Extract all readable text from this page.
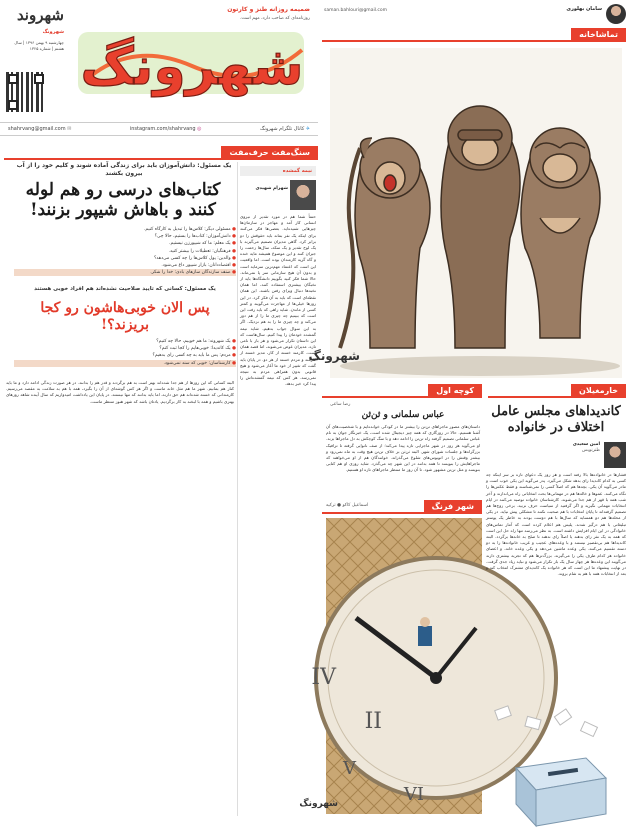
شهروند
شهرونگ
چهارشنبه ۹ بهمن ۱۳۹۶ | سال هشتم | شماره ۱۳۲۵ شهرونگ
ضمیمه روزانه طنز و کارتون
روزنامه‌ای که صاحب دارد، مهم است.
✈ کانال تلگرام شهرونگ
◎ instagram.com/shahrvang
✉ shahrvang@gmail.com
تماشاخانه
سامان بهلوری
saman.bahlouri@gmail.com
شهرونگ
سنگ‌مفت حرف‌مفت
یک مسئول: دانش‌آموزان باید برای زندگی آماده شوند و کلیم خود را از آب بیرون بکشند
کتاب‌های درسی رو هم لوله کنند و باهاش شیپور بزنند!
● مسئولی دیگر: کلاس‌ها را تبدیل به کارگاه کنیم.
● دانش‌آموزان: کتاب‌ها را بستیم، حالا چی؟
● یک معلم: ما که شیپورزن نیستیم.
● فرهنگیان: تعطیلات را بیشتر کنید.
● والدین: پول کلاس‌ها را چه کسی می‌دهد؟
● اقتصاددانان: بازار شیپور داغ می‌شود.
● صنف سازندگان سازهای بادی: خدا را شکر.
یک مسئول: کسانی که تایید صلاحیت نشده‌اند هم افراد خوبی هستند
پس الان خوبی‌هاشون رو کجا بریزند؟!
● یک شهروند: ما هم خوبیم، حالا چه کنیم؟
● یک کاندیدا: خوبی‌هایم را کجا ثبت کنم؟
● مردم: پس ما باید به چه کسی رای بدهیم؟
● کارشناسان: خوبی که سند نمی‌شود.
نیمه گمشده
شهرام شهیدی
حتماً شما هم در مورد تقدیر از نیروی انسانی کار آمد و مهاجر در سازمان‌ها چیزهایی شنیده‌اید. بعضی‌ها فکر می‌کنند برای اینکه یک نفر بماند باید حقوقش را دو برابر کرد. گاهی مدیران تصمیم می‌گیرند با یک لوح تقدیر و یک سکه، سال‌ها زحمت را جبران کنند و این موضوع همیشه مایه خنده و گاه گریه کارمندان بوده است. اما واقعیت این است که اعتماد مهم‌ترین سرمایه است و بدون آن هیچ سازمانی سر پا نمی‌ماند. حالا شما فکر کنید بگوییم دانشگاه‌ها باید از نخبگان بیشتری استفاده کنند، اما همان نخبه‌ها دنبال ویزای رفتن باشند. این همان نقطه‌ای است که باید به آن فکر کرد. در این روزها خیلی‌ها از مهاجرت می‌گویند و کمتر کسی از ماندن. شاید راهی که باید رفت این است که ببینیم چه چیزی ما را از هم دور می‌کند و چه چیزی ما را به هم نزدیک. اگر به این سوال جواب بدهیم، شاید نیمه گمشده خودمان را پیدا کنیم. سال‌هاست که این داستان تکرار می‌شود و هر بار با نامی تازه. مدیران عوض می‌شوند، اما قصه همان است. کارمند خسته از کار، مدیر خسته از کارمند و مردم خسته از هر دو. در پایان باید گفت که تغییر از خود ما آغاز می‌شود و هیچ قانونی بدون همراهی مردم به نتیجه نمی‌رسد. هر کس که نیمه گمشده‌اش را پیدا کرد خبر بدهد.
کوچه اول
رضا ساعی
عباس سلمانی و ثن‌ثن
داستان‌های مصور ماجراهای تن‌تن را بیشتر ما در کودکی خوانده‌ایم و با شخصیت‌های آن آشنا هستیم. حالا در روزگاری که همه چیز دیجیتال شده است، یک خبرنگار جوان به نام عباس سلمانی تصمیم گرفته راه تن‌تن را ادامه دهد و با سگ کوچکش به دل ماجراها بزند. او می‌گوید هر روز در شهر ماجرایی تازه پیدا می‌کند؛ از صف نانوایی گرفته تا ترافیک بزرگراه‌ها و جلسات شورای شهر. البته ثن‌ثن بر خلاف تن‌تن هیچ وقت به ماه نمی‌رود و بیشتر وقتش را در اتوبوس‌های شلوغ می‌گذراند. خوانندگان هم از او می‌خواهند که ماجراهایش را بنویسد تا همه بدانند در این شهر چه می‌گذرد. شاید روزی او هم کتابی بنویسد و مثل تن‌تن مشهور شود. تا آن روز ما منتظر ماجراهای تازه او هستیم.
شهر فرنگ
اسماعیل کاکو ● ترکیه
II
IV
V
VI
شهرونگ
خارمغیلان
کاندیداهای مجلس عامل اختلاف در خانواده
امین سعیدی
طنزنویس
فشارها در خانواده‌ها بالا رفته است و هر روز یک دعوای تازه بر سر اینکه چه کسی به کدام کاندیدا رای بدهد شکل می‌گیرد. پدر می‌گوید این یکی خوب است و مادر می‌گوید آن یکی. بچه‌ها هم که اصلاً کسی را نمی‌شناسند و فقط عکس‌ها را نگاه می‌کنند. عموها و خاله‌ها هم در مهمانی‌ها بحث انتخاباتی راه می‌اندازند و آخر شب همه با قهر از هم جدا می‌شوند. کارشناسان خانواده توصیه می‌کنند در ایام انتخابات مهمانی نگیرید و اگر گرفتید از سیاست حرف نزنید. برخی زوج‌ها هم تصمیم گرفته‌اند تا پایان انتخابات با هم صحبت نکنند تا مشکلی پیش نیاید. در یکی از محله‌ها هم دو همسایه که سال‌ها با هم دوست بودند به خاطر یک پوستر تبلیغاتی با هم درگیر شدند. پلیس هم اعلام کرده است که آمار تماس‌های خانوادگی در این ایام افزایش داشته است. به نظر می‌رسد تنها راه حل این است که همه به یک نفر رای بدهند یا اصلاً رای ندهند تا صلح به خانه‌ها برگردد. البته کاندیداها هم بی‌تقصیر نیستند و با وعده‌های عجیب و غریب خانواده‌ها را به دو دسته تقسیم می‌کنند. یکی وعده ماشین می‌دهد و یکی وعده خانه، و اعضای خانواده هر کدام طرف یکی را می‌گیرند. بزرگ‌ترها هم که تجربه بیشتری دارند می‌گویند این وعده‌ها هر چهار سال یک بار تکرار می‌شود و نباید زیاد جدی گرفت. در نهایت پیشنهاد ما این است که هر خانواده یک کاندیدای مشترک انتخاب کند و بعد از انتخابات همه با هم به شام بروند.
البته کسانی که این روزها از هم جدا شده‌اند بهتر است به هم برگردند و قدر هم را بدانند. در هر صورت زندگی ادامه دارد و ما باید کنار هم بمانیم. شهر ما هم مثل خانه ماست و اگر هر کس گوشه‌ای از آن را بگیرد، همه با هم به سلامت به مقصد می‌رسیم. کارمندانی که خسته شده‌اند هم حق دارند، اما باید بدانند که تنها نیستند. در پایان این یادداشت امیدواریم که سال آینده شاهد روزهای بهتری باشیم و همه با لبخند به کار برگردیم. یادتان باشد که شهر هنوز منتظر ماست.
